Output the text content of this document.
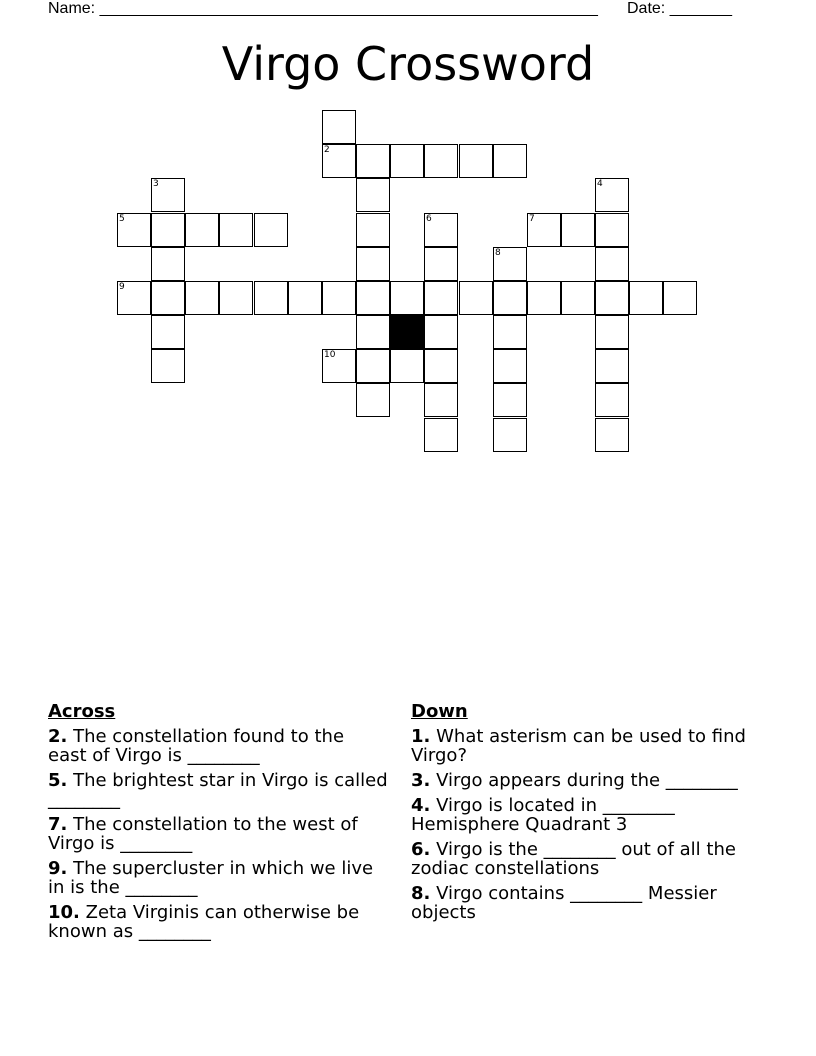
Name: ________________________________________________________ Date: _______
Virgo Crossword
2
3	4
5	6	7
8
9
10
Across
2. The constellation found to the east of Virgo is ________
5. The brightest star in Virgo is called ________
7. The constellation to the west of Virgo is ________
9. The supercluster in which we live in is the ________
10. Zeta Virginis can otherwise be known as ________
Down
1. What asterism can be used to find Virgo?
3. Virgo appears during the ________
4. Virgo is located in ________ Hemisphere Quadrant 3
6. Virgo is the ________ out of all the zodiac constellations
8. Virgo contains ________ Messier objects
